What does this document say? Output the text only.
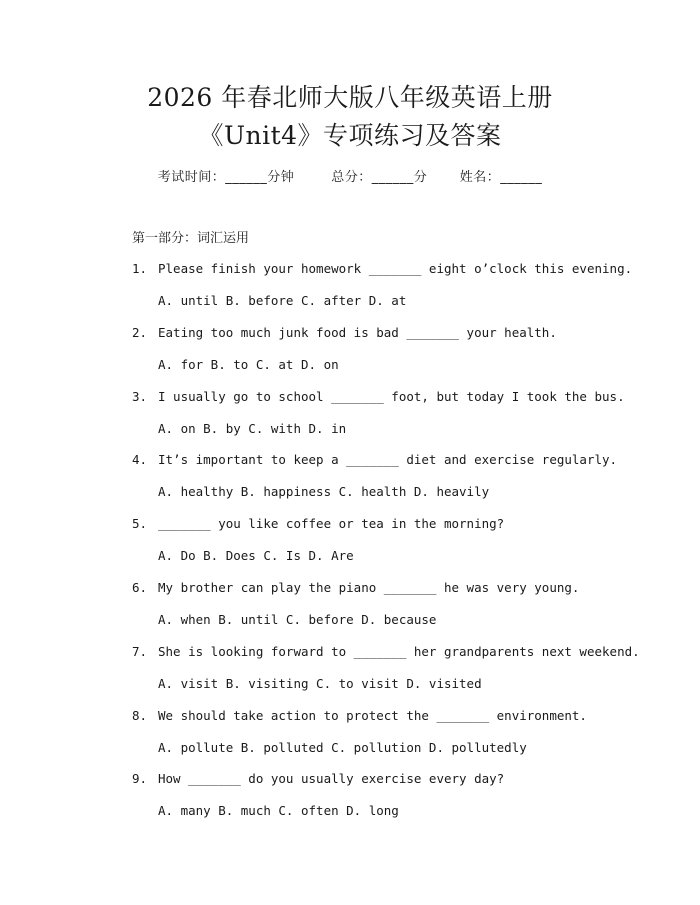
2026 年春北师大版八年级英语上册
《Unit4》专项练习及答案
考试时间：______分钟	总分：______分 姓名：______
第一部分：词汇运用
1. Please finish your homework _______ eight o’clock this evening.
A. until B. before C. after D. at
2. Eating too much junk food is bad _______ your health.
A. for B. to C. at D. on
3. I usually go to school _______ foot, but today I took the bus.
A. on B. by C. with D. in
4. It’s important to keep a _______ diet and exercise regularly.
A. healthy B. happiness C. health D. heavily
5. _______ you like coffee or tea in the morning?
A. Do B. Does C. Is D. Are
6. My brother can play the piano _______ he was very young.
A. when B. until C. before D. because
7. She is looking forward to _______ her grandparents next weekend.
A. visit B. visiting C. to visit D. visited
8. We should take action to protect the _______ environment.
A. pollute B. polluted C. pollution D. pollutedly
9. How _______ do you usually exercise every day?
A. many B. much C. often D. long
